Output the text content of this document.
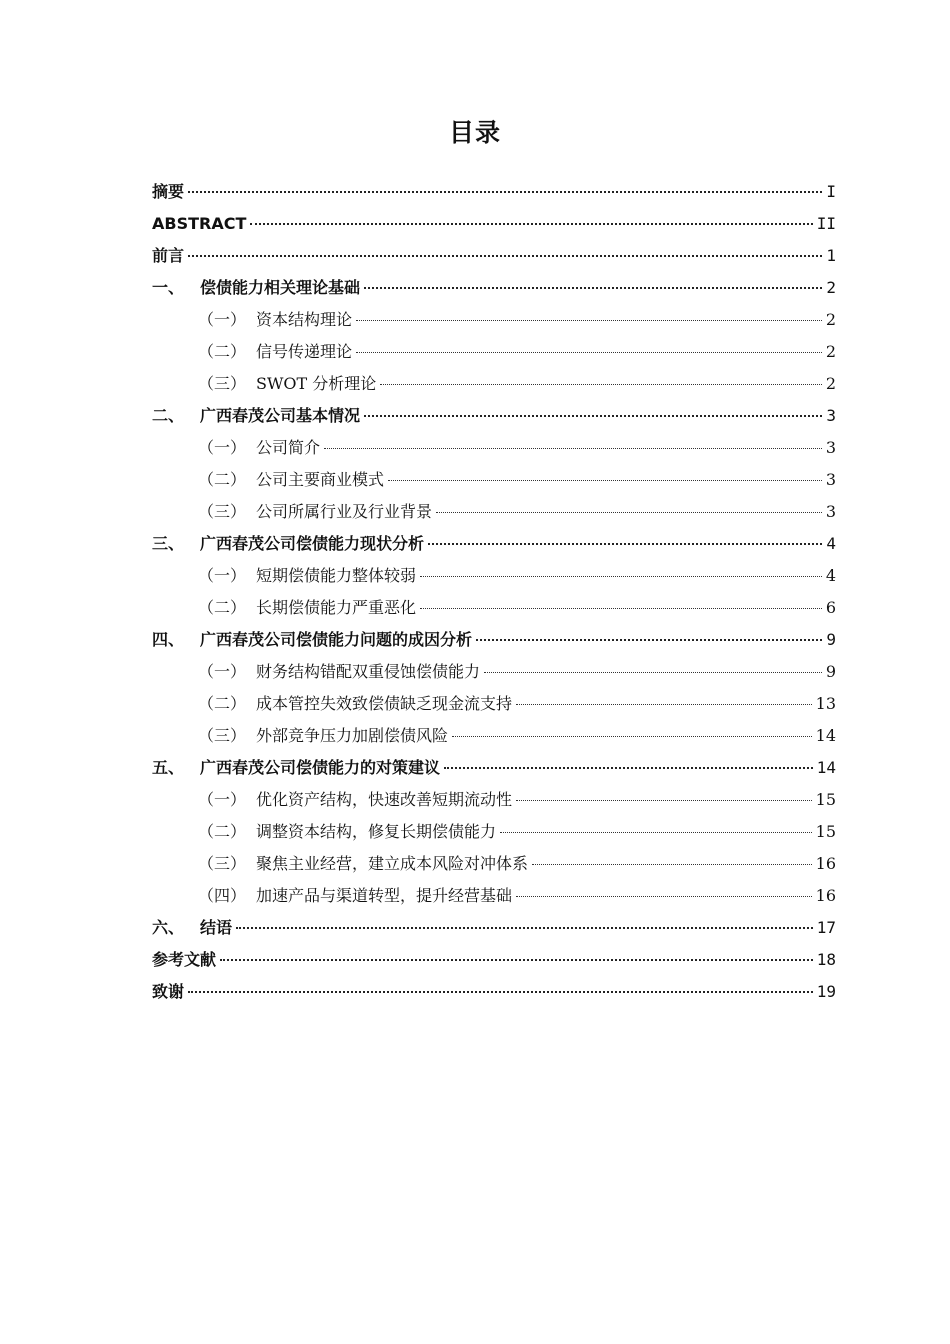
目录
摘要	I
ABSTRACT	II
前言	1
一、 偿债能力相关理论基础	2
（一） 资本结构理论	2
（二） 信号传递理论	2
（三） SWOT 分析理论	2
二、 广西春茂公司基本情况	3
（一） 公司简介	3
（二） 公司主要商业模式	3
（三） 公司所属行业及行业背景	3
三、 广西春茂公司偿债能力现状分析	4
（一） 短期偿债能力整体较弱	4
（二） 长期偿债能力严重恶化	6
四、 广西春茂公司偿债能力问题的成因分析	9
（一） 财务结构错配双重侵蚀偿债能力	9
（二） 成本管控失效致偿债缺乏现金流支持	13
（三） 外部竞争压力加剧偿债风险	14
五、 广西春茂公司偿债能力的对策建议	14
（一） 优化资产结构，快速改善短期流动性	15
（二） 调整资本结构，修复长期偿债能力	15
（三） 聚焦主业经营，建立成本风险对冲体系	16
（四） 加速产品与渠道转型，提升经营基础	16
六、 结语	17
参考文献	18
致谢	19
